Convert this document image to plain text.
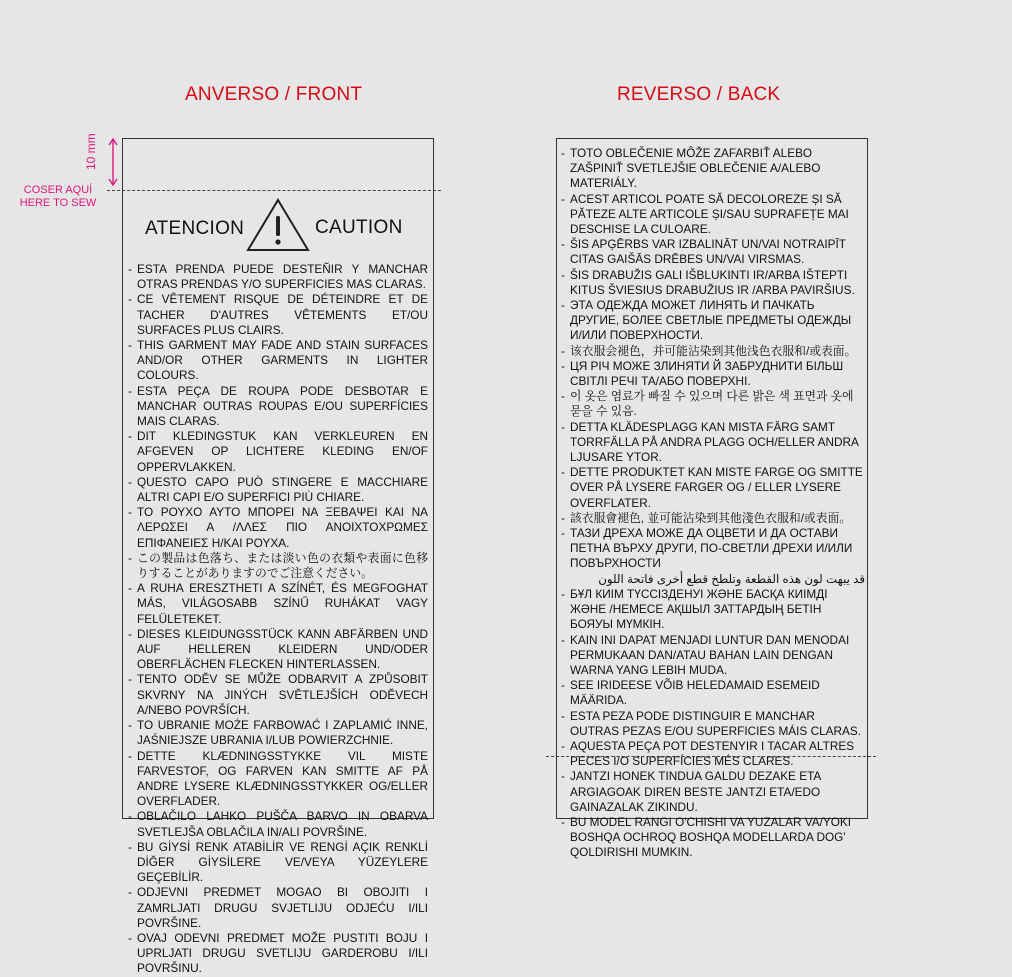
ANVERSO / FRONT	REVERSO / BACK
COSER AQUÍ
HERE TO SEW
10 mm
ATENCION	CAUTION
- ESTA PRENDA PUEDE DESTEÑIR Y MANCHAR OTRAS PRENDAS Y/O SUPERFICIES MAS CLARAS.
- CE VÊTEMENT RISQUE DE DÉTEINDRE ET DE TACHER D'AUTRES VÊTEMENTS ET/OU SURFACES PLUS CLAIRS.
- THIS GARMENT MAY FADE AND STAIN SURFACES AND/OR OTHER GARMENTS IN LIGHTER COLOURS.
- ESTA PEÇA DE ROUPA PODE DESBOTAR E MANCHAR OUTRAS ROUPAS E/OU SUPERFÍCIES MAIS CLARAS.
- DIT KLEDINGSTUK KAN VERKLEUREN EN AFGEVEN OP LICHTERE KLEDING EN/OF OPPERVLAKKEN.
- QUESTO CAPO PUÒ STINGERE E MACCHIARE ALTRI CAPI E/O SUPERFICI PIÙ CHIARE.
- ΤΟ ΡΟΥΧΟ ΑΥΤΟ ΜΠΟΡΕΙ ΝΑ ΞΕΒΑΨΕΙ ΚΑΙ ΝΑ ΛΕΡΩΣΕΙ Α /ΛΛΕΣ ΠΙΟ ΑΝΟΙΧΤΟΧΡΩΜΕΣ ΕΠΙΦΑΝΕΙΕΣ Η/ΚΑΙ ΡΟΥΧΑ.
- この製品は色落ち、または淡い色の衣類や表面に色移りすることがありますのでご注意ください。
- A RUHA ERESZTHETI A SZÍNÉT, ÉS MEGFOGHAT MÁS, VILÁGOSABB SZÍNŰ RUHÁKAT VAGY FELÜLETEKET.
- DIESES KLEIDUNGSSTÜCK KANN ABFÄRBEN UND AUF HELLEREN KLEIDERN UND/ODER OBERFLÄCHEN FLECKEN HINTERLASSEN.
- TENTO ODĚV SE MŮŽE ODBARVIT A ZPŮSOBIT SKVRNY NA JINÝCH SVĚTLEJŠÍCH ODĚVECH A/NEBO POVRŠÍCH.
- TO UBRANIE MOŻE FARBOWAĆ I ZAPLAMIĆ INNE, JAŚNIEJSZE UBRANIA I/LUB POWIERZCHNIE.
- DETTE KLÆDNINGSSTYKKE VIL MISTE FARVESTOF, OG FARVEN KAN SMITTE AF PÅ ANDRE LYSERE KLÆDNINGSSTYKKER OG/ELLER OVERFLADER.
- OBLAČILO LAHKO PUŠČA BARVO IN OBARVA SVETLEJŠA OBLAČILA IN/ALI POVRŠINE.
- BU GİYSİ RENK ATABİLİR VE RENGİ AÇIK RENKLİ DİĞER GİYSİLERE VE/VEYA YÜZEYLERE GEÇEBİLİR.
- ODJEVNI PREDMET MOGAO BI OBOJITI I ZAMRLJATI DRUGU SVJETLIJU ODJEĆU I/ILI POVRŠINE.
- OVAJ ODEVNI PREDMET MOŽE PUSTITI BOJU I UPRLJATI DRUGU SVETLIJU GARDEROBU I/ILI POVRŠINU.
- TOTO OBLEČENIE MÔŽE ZAFARBIŤ ALEBO ZAŠPINIŤ SVETLEJŠIE OBLEČENIE A/ALEBO MATERIÁLY.
- ACEST ARTICOL POATE SĂ DECOLOREZE ȘI SĂ PĂTEZE ALTE ARTICOLE ȘI/SAU SUPRAFEȚE MAI DESCHISE LA CULOARE.
- ŠIS APĢĒRBS VAR IZBALINĀT UN/VAI NOTRAIPĪT CITAS GAIŠĀS DRĒBES UN/VAI VIRSMAS.
- ŠIS DRABUŽIS GALI IŠBLUKINTI IR/ARBA IŠTEPTI KITUS ŠVIESIUS DRABUŽIUS IR /ARBA PAVIRŠIUS.
- ЭТА ОДЕЖДА МОЖЕТ ЛИНЯТЬ И ПАЧКАТЬ ДРУГИЕ, БОЛЕЕ СВЕТЛЫЕ ПРЕДМЕТЫ ОДЕЖДЫ И/ИЛИ ПОВЕРХНОСТИ.
- 该衣服会褪色，并可能沾染到其他浅色衣服和/或表面。
- ЦЯ РІЧ МОЖЕ ЗЛИНЯТИ Й ЗАБРУДНИТИ БІЛЬШ СВІТЛІ РЕЧІ ТА/АБО ПОВЕРХНІ.
- 이 옷은 염료가 빠질 수 있으며 다른 밝은 색 표면과 옷에 묻을 수 있음.
- DETTA KLÄDESPLAGG KAN MISTA FÄRG SAMT TORRFÄLLA PÅ ANDRA PLAGG OCH/ELLER ANDRA LJUSARE YTOR.
- DETTE PRODUKTET KAN MISTE FARGE OG SMITTE OVER PÅ LYSERE FARGER OG / ELLER LYSERE OVERFLATER.
- 該衣服會褪色, 並可能沾染到其他淺色衣服和/或表面。
- ТАЗИ ДРЕХА МОЖЕ ДА ОЦВЕТИ И ДА ОСТАВИ ПЕТНА ВЪРХУ ДРУГИ, ПО-СВЕТЛИ ДРЕХИ И/ИЛИ ПОВЪРХНОСТИ
قد يبهت لون هذه القطعة وتلطخ قطع أخرى فاتحة اللون
- БҰЛ КИІМ ТҮССІЗДЕНУІ ЖӘНЕ БАСҚА КИІМДІ ЖӘНЕ /НЕМЕСЕ АҚШЫЛ ЗАТТАРДЫҢ БЕТІН БОЯУЫ МҮМКІН.
- KAIN INI DAPAT MENJADI LUNTUR DAN MENODAI PERMUKAAN DAN/ATAU BAHAN LAIN DENGAN WARNA YANG LEBIH MUDA.
- SEE IRIDEESE VÕIB HELEDAMAID ESEMEID MÄÄRIDA.
- ESTA PEZA PODE DISTINGUIR E MANCHAR OUTRAS PEZAS E/OU SUPERFICIES MÁIS CLARAS.
- AQUESTA PEÇA POT DESTENYIR I TACAR ALTRES PECES I/O SUPERFÍCIES MÉS CLARES.
- JANTZI HONEK TINDUA GALDU DEZAKE ETA ARGIAGOAK DIREN BESTE JANTZI ETA/EDO GAINAZALAK ZIKINDU.
- BU MODEL RANGI O'CHISHI VA YUZALAR VA/YOKI BOSHQA OCHROQ BOSHQA MODELLARDA DOG' QOLDIRISHI MUMKIN.
